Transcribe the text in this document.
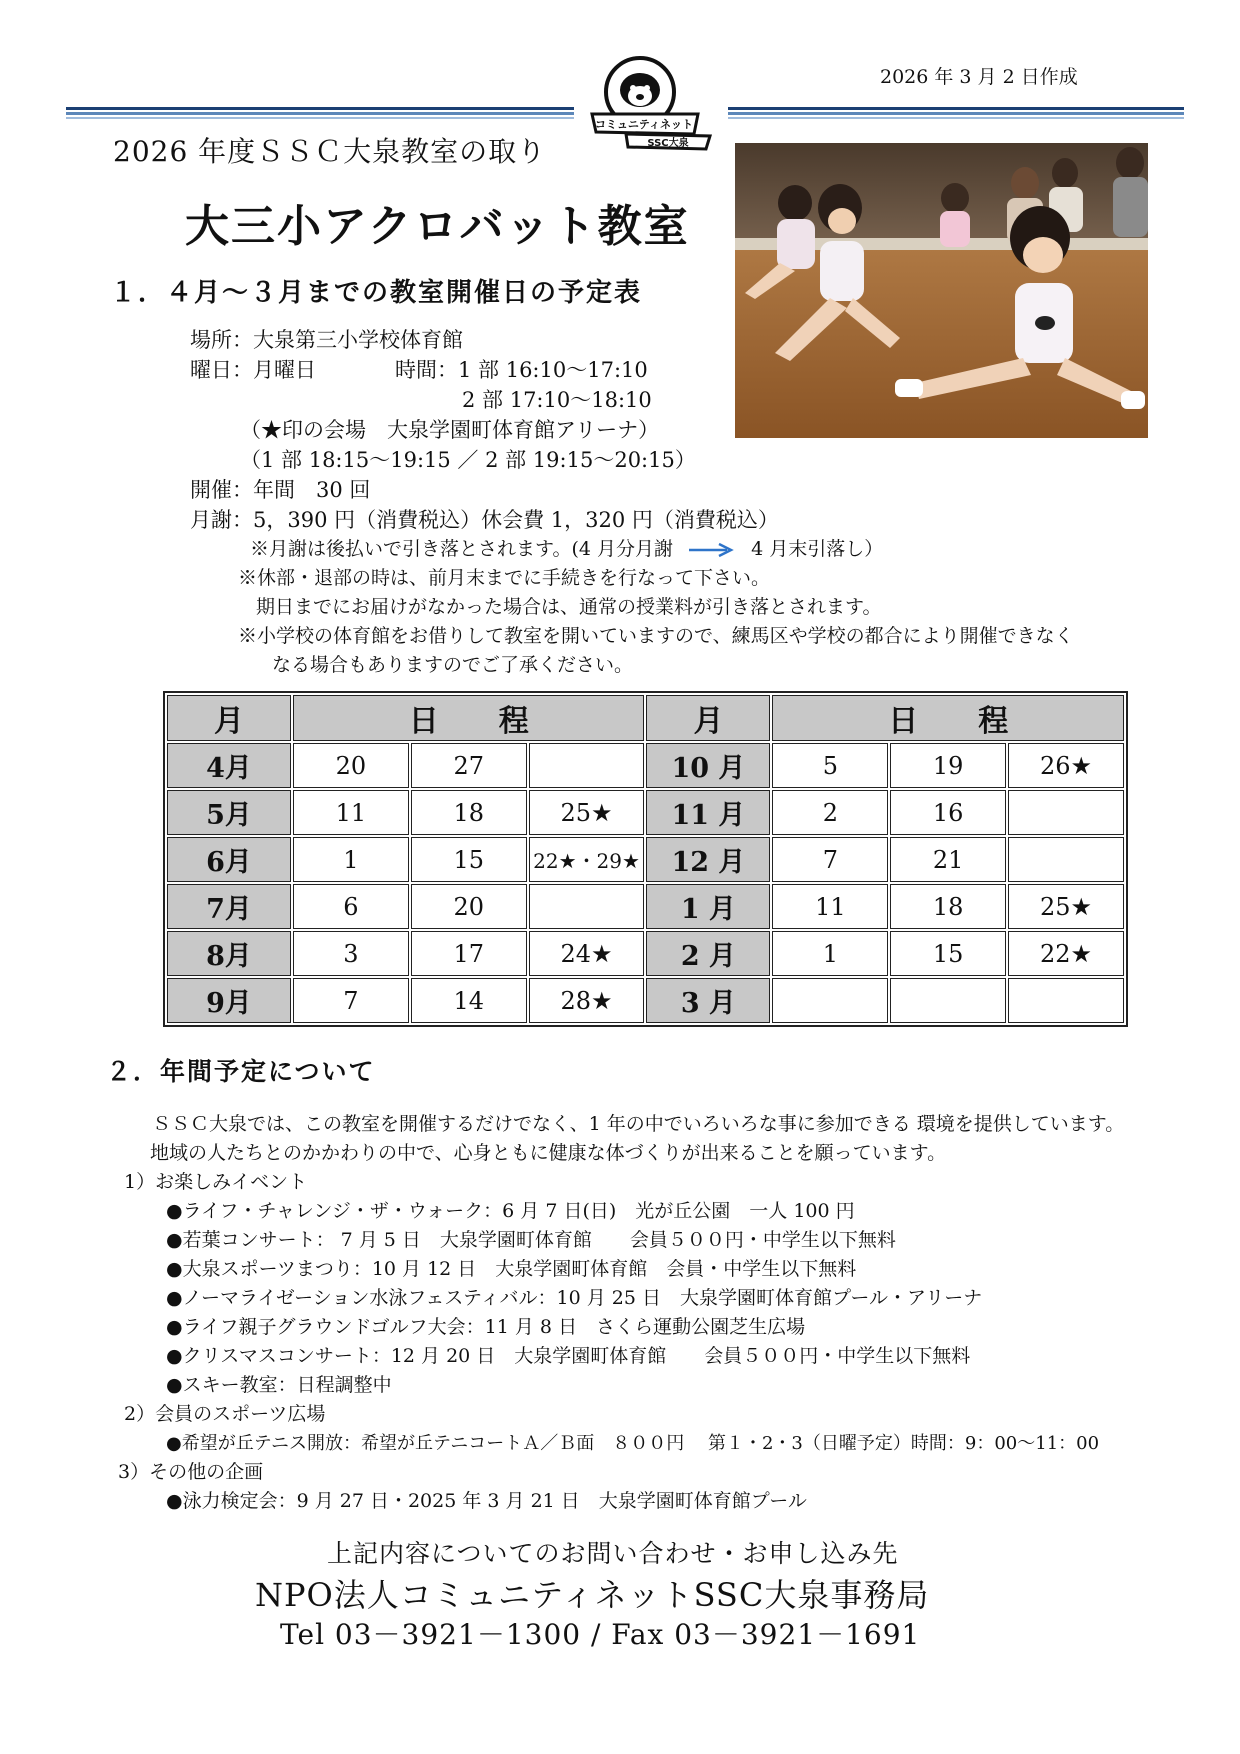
2026 年 3 月 2 日作成
2026 年度ＳＳＣ大泉教室の取り
コミュニティネット
SSC大泉
大三小アクロバット教室
１．４月〜３月までの教室開催日の予定表
場所：大泉第三小学校体育館
曜日：月曜日	時間：1 部 16:10〜17:10
2 部 17:10〜18:10
（★印の会場　大泉学園町体育館アリーナ）
（1 部 18:15〜19:15 ／ 2 部 19:15〜20:15）
開催：年間　30 回
月謝：5，390 円（消費税込）休会費 1，320 円（消費税込）
※月謝は後払いで引き落とされます。(4 月分月謝	4 月末引落し）
※休部・退部の時は、前月末までに手続きを行なって下さい。
期日までにお届けがなかった場合は、通常の授業料が引き落とされます。
※小学校の体育館をお借りして教室を開いていますので、練馬区や学校の都合により開催できなく
なる場合もありますのでご了承ください。
月	日　　程			月	日　　程		
4月	20	27		10 月	5	19	26★
5月	11	18	25★	11 月	2	16	
6月	1	15	22★・29★	12 月	7	21	
7月	6	20		1 月	11	18	25★
8月	3	17	24★	2 月	1	15	22★
9月	7	14	28★	3 月			
２．年間予定について
ＳＳＣ大泉では、この教室を開催するだけでなく、1 年の中でいろいろな事に参加できる 環境を提供しています。
地域の人たちとのかかわりの中で、心身ともに健康な体づくりが出来ることを願っています。
1）お楽しみイベント
●ライフ・チャレンジ・ザ・ウォーク：6 月 7 日(日)　光が丘公園　一人 100 円
●若葉コンサート： 7 月 5 日　大泉学園町体育館　　会員５００円・中学生以下無料
●大泉スポーツまつり：10 月 12 日　大泉学園町体育館　会員・中学生以下無料
●ノーマライゼーション水泳フェスティバル：10 月 25 日　大泉学園町体育館プール・アリーナ
●ライフ親子グラウンドゴルフ大会：11 月 8 日　さくら運動公園芝生広場
●クリスマスコンサート：12 月 20 日　大泉学園町体育館　　会員５００円・中学生以下無料
●スキー教室：日程調整中
2）会員のスポーツ広場
●希望が丘テニス開放：希望が丘テニコートＡ／Ｂ面　８００円　 第１・2・3（日曜予定）時間：9：00〜11：00
3）その他の企画
●泳力検定会：9 月 27 日・2025 年 3 月 21 日　大泉学園町体育館プール
上記内容についてのお問い合わせ・お申し込み先
NPO法人コミュニティネットSSC大泉事務局
Tel 03－3921－1300 / Fax 03－3921－1691
